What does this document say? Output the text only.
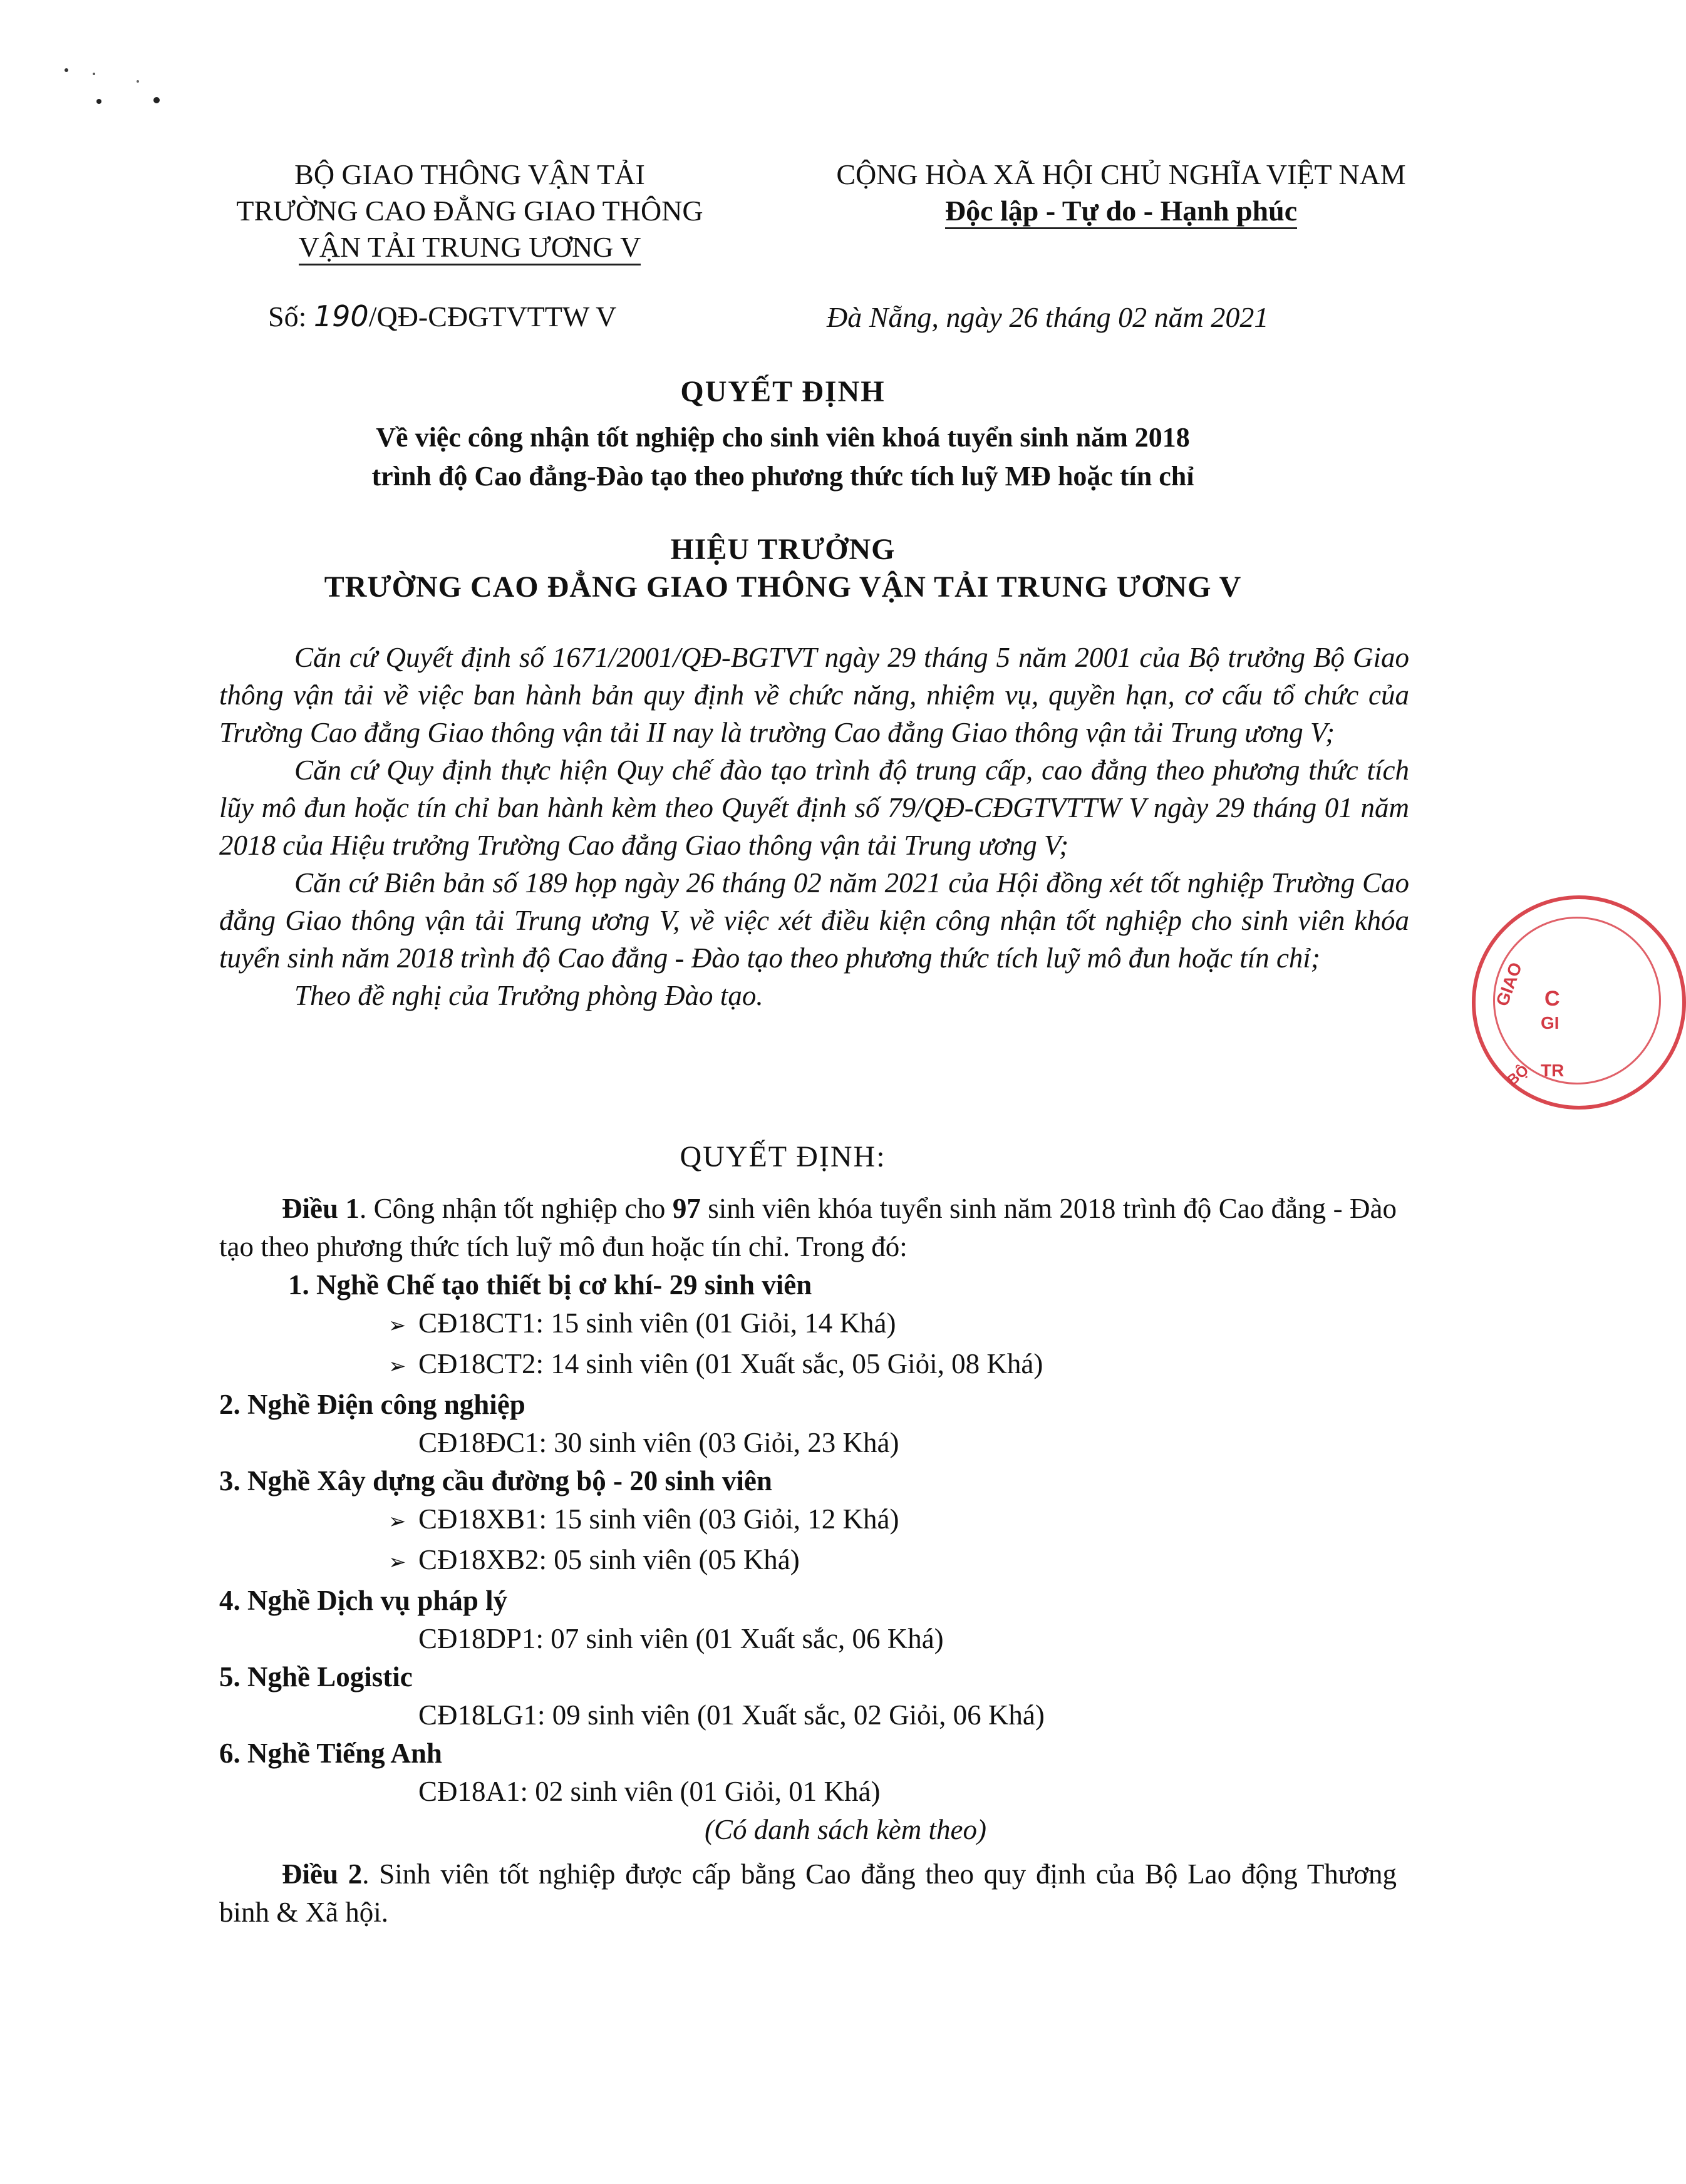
BỘ GIAO THÔNG VẬN TẢI
TRƯỜNG CAO ĐẲNG GIAO THÔNG
VẬN TẢI TRUNG ƯƠNG V
CỘNG HÒA XÃ HỘI CHỦ NGHĨA VIỆT NAM
Độc lập - Tự do - Hạnh phúc
Số: 190/QĐ-CĐGTVTTW V	Đà Nẵng, ngày 26 tháng 02 năm 2021
QUYẾT ĐỊNH
Về việc công nhận tốt nghiệp cho sinh viên khoá tuyển sinh năm 2018
trình độ Cao đẳng-Đào tạo theo phương thức tích luỹ MĐ hoặc tín chỉ
HIỆU TRƯỞNG
TRƯỜNG CAO ĐẲNG GIAO THÔNG VẬN TẢI TRUNG ƯƠNG V

Căn cứ Quyết định số 1671/2001/QĐ-BGTVT ngày 29 tháng 5 năm 2001 của Bộ trưởng Bộ Giao thông vận tải về việc ban hành bản quy định về chức năng, nhiệm vụ, quyền hạn, cơ cấu tổ chức của Trường Cao đẳng Giao thông vận tải II nay là trường Cao đẳng Giao thông vận tải Trung ương V;

Căn cứ Quy định thực hiện Quy chế đào tạo trình độ trung cấp, cao đẳng theo phương thức tích lũy mô đun hoặc tín chỉ ban hành kèm theo Quyết định số 79/QĐ-CĐGTVTTW V ngày 29 tháng 01 năm 2018 của Hiệu trưởng Trường Cao đẳng Giao thông vận tải Trung ương V;

Căn cứ Biên bản số 189 họp ngày 26 tháng 02 năm 2021 của Hội đồng xét tốt nghiệp Trường Cao đẳng Giao thông vận tải Trung ương V, về việc xét điều kiện công nhận tốt nghiệp cho sinh viên khóa tuyển sinh năm 2018 trình độ Cao đẳng - Đào tạo theo phương thức tích luỹ mô đun hoặc tín chỉ;

Theo đề nghị của Trưởng phòng Đào tạo.

QUYẾT ĐỊNH:

Điều 1. Công nhận tốt nghiệp cho 97 sinh viên khóa tuyển sinh năm 2018 trình độ Cao đẳng - Đào tạo theo phương thức tích luỹ mô đun hoặc tín chỉ. Trong đó:

1. Nghề Chế tạo thiết bị cơ khí- 29 sinh viên

➢ CĐ18CT1: 15 sinh viên (01 Giỏi, 14 Khá)

➢ CĐ18CT2: 14 sinh viên (01 Xuất sắc, 05 Giỏi, 08 Khá)

2. Nghề Điện công nghiệp

CĐ18ĐC1: 30 sinh viên (03 Giỏi, 23 Khá)

3. Nghề Xây dựng cầu đường bộ - 20 sinh viên

➢ CĐ18XB1: 15 sinh viên (03 Giỏi, 12 Khá)

➢ CĐ18XB2: 05 sinh viên (05 Khá)

4. Nghề Dịch vụ pháp lý

CĐ18DP1: 07 sinh viên (01 Xuất sắc, 06 Khá)

5. Nghề Logistic

CĐ18LG1: 09 sinh viên (01 Xuất sắc, 02 Giỏi, 06 Khá)

6. Nghề Tiếng Anh

CĐ18A1: 02 sinh viên (01 Giỏi, 01 Khá)

(Có danh sách kèm theo)

Điều 2. Sinh viên tốt nghiệp được cấp bằng Cao đẳng theo quy định của Bộ Lao động Thương binh & Xã hội.

GIAO C
GI
TR
BỘ
